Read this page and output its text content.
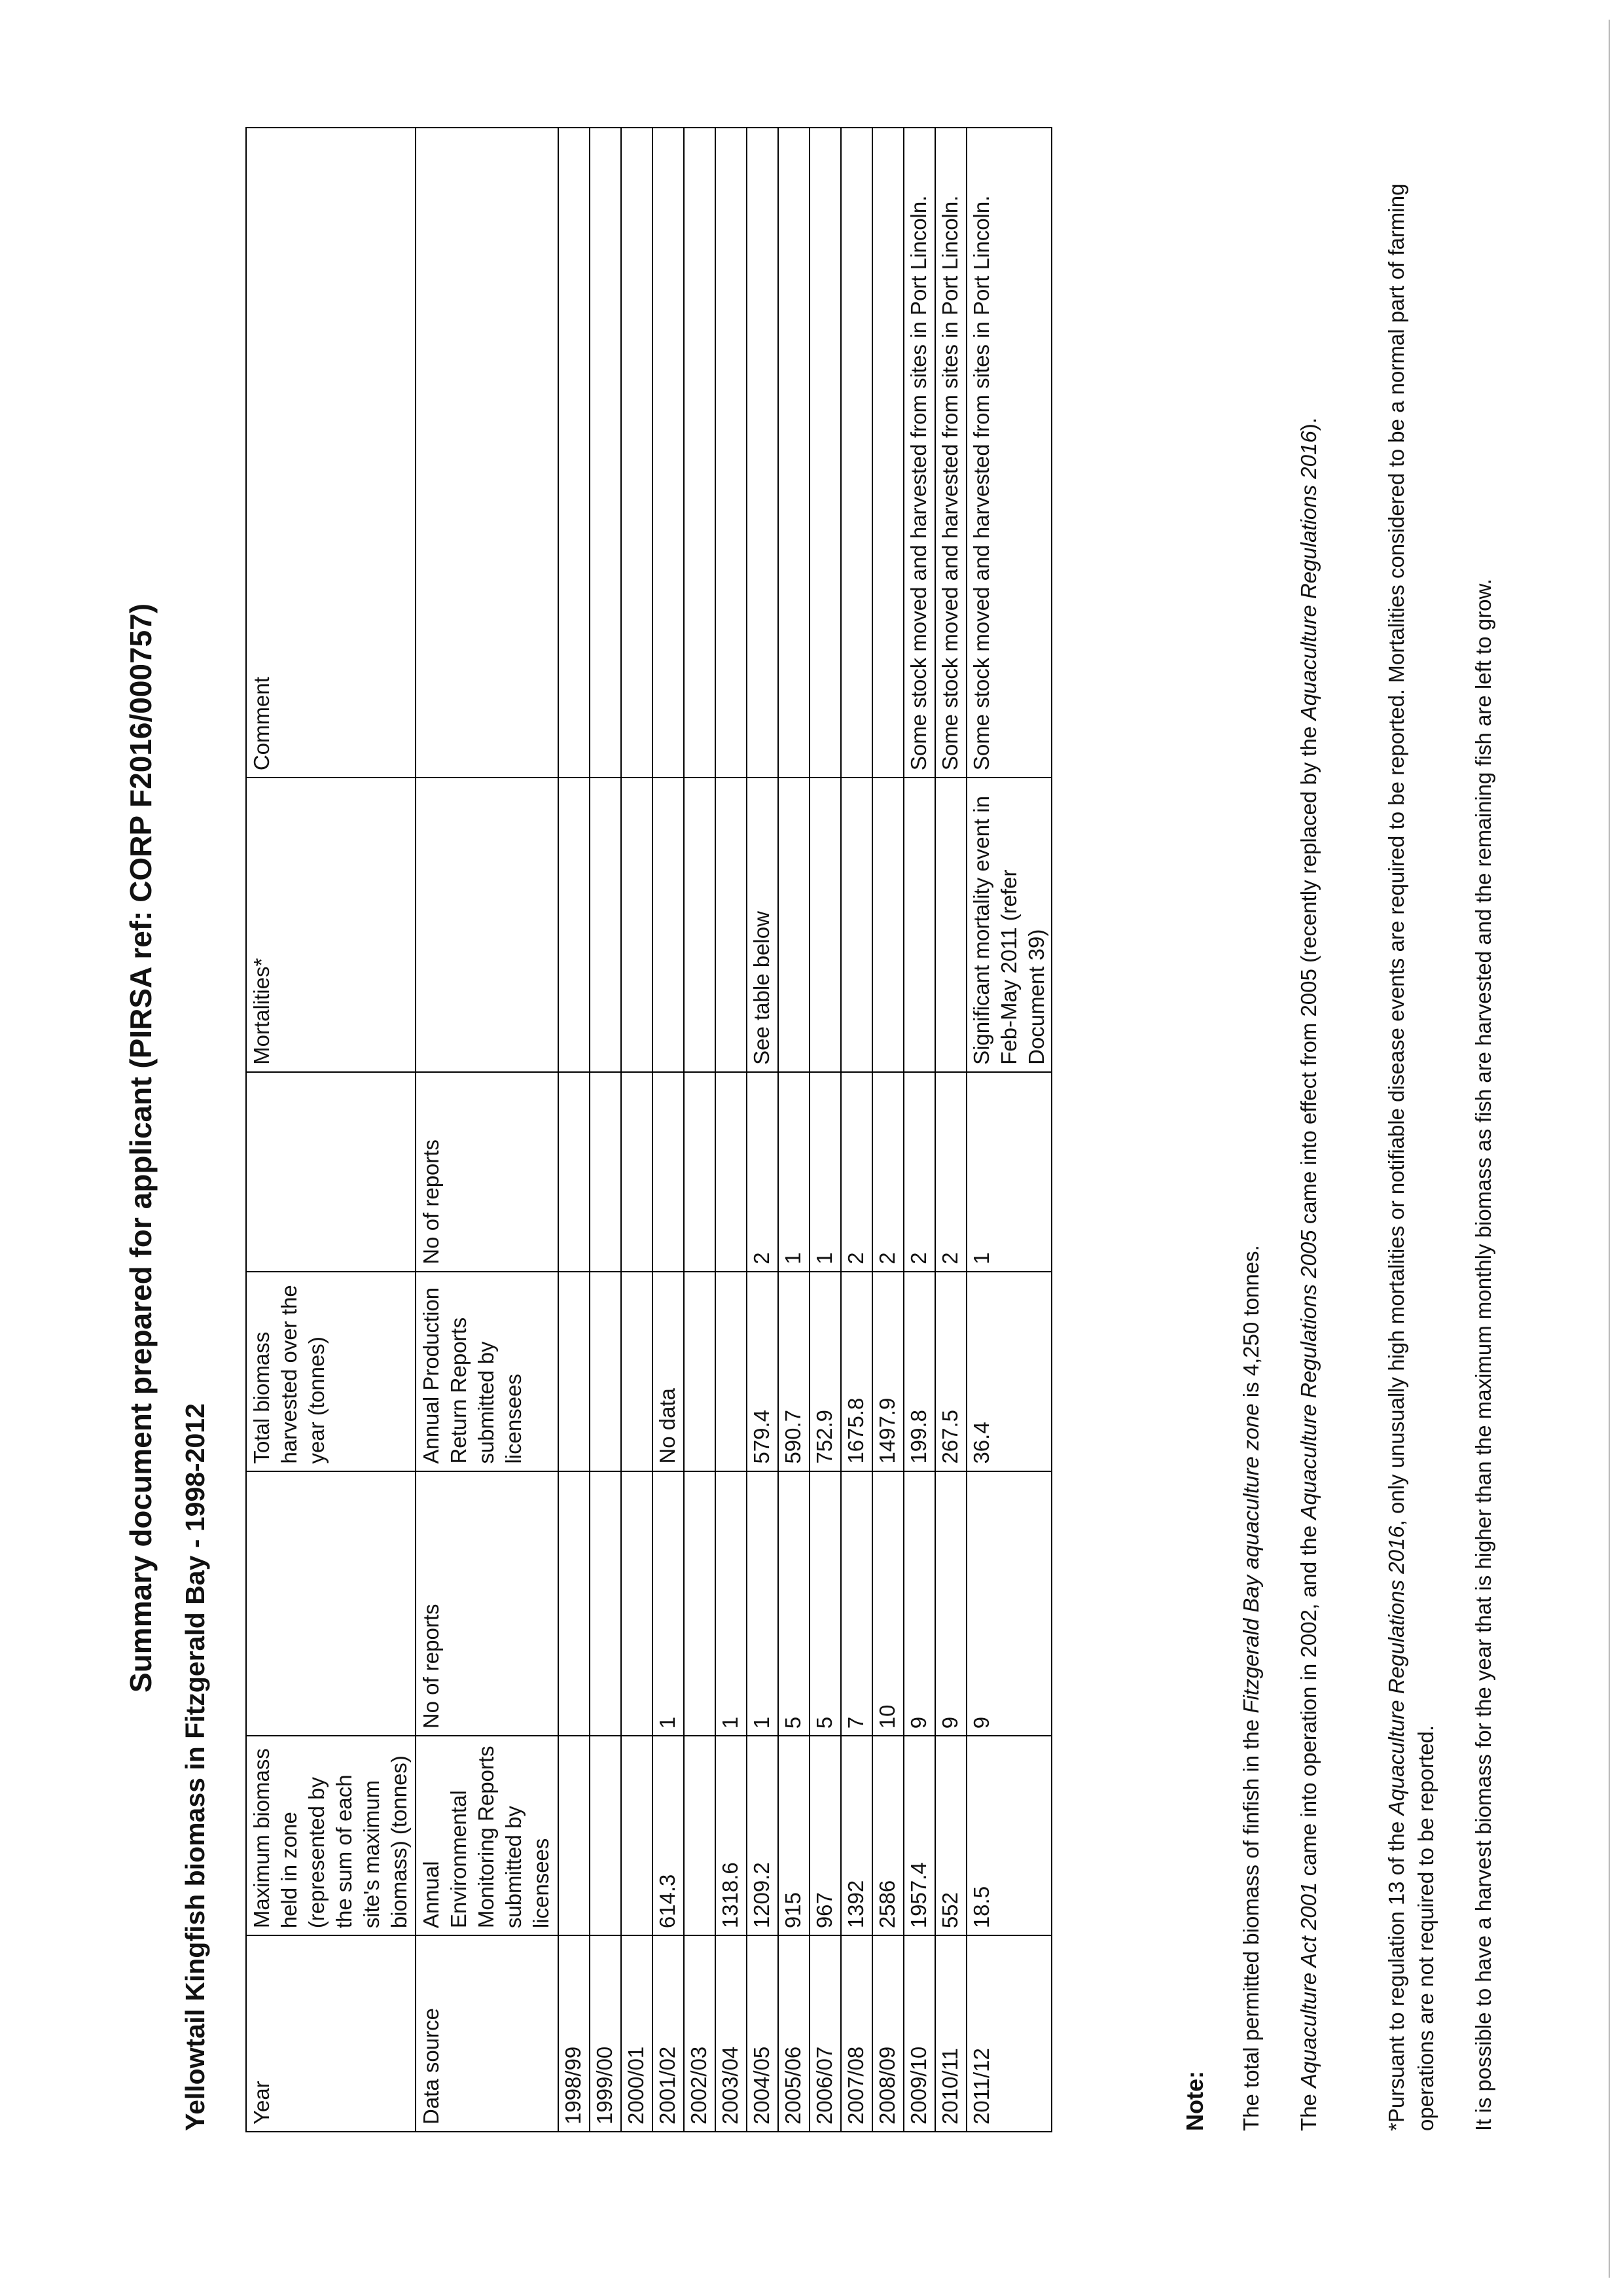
Summary document prepared for applicant (PIRSA ref: CORP F2016/000757)
Yellowtail Kingfish biomass in Fitzgerald Bay - 1998-2012 Year	Maximum biomass held in zone (represented by the sum of each site's maximum biomass) (tonnes)		Total biomass harvested over the year (tonnes)		Mortalities*	Comment
Data source	Annual Environmental Monitoring Reports submitted by licensees	No of reports	Annual Production Return Reports submitted by licensees	No of reports		
1998/99						
1999/00						
2000/01						
2001/02	614.3	1	No data			
2002/03						
2003/04	1318.6	1				
2004/05	1209.2	1	579.4	2	See table below	
2005/06	915	5	590.7	1		
2006/07	967	5	752.9	1		
2007/08	1392	7	1675.8	2		
2008/09	2586	10	1497.9	2		
2009/10	1957.4	9	199.8	2		Some stock moved and harvested from sites in Port Lincoln.
2010/11	552	9	267.5	2		Some stock moved and harvested from sites in Port Lincoln.
2011/12	18.5	9	36.4	1	Significant mortality event in Feb-May 2011 (refer Document 39)	Some stock moved and harvested from sites in Port Lincoln.
Note: The total permitted biomass of finfish in the Fitzgerald Bay aquaculture zone is 4,250 tonnes.
The Aquaculture Act 2001 came into operation in 2002, and the Aquaculture Regulations 2005 came into effect from 2005 (recently replaced by the Aquaculture Regulations 2016).
*Pursuant to regulation 13 of the Aquaculture Regulations 2016, only unusually high mortalities or notifiable disease events are required to be reported. Mortalities considered to be a normal part of farming operations are not required to be reported. It is possible to have a harvest biomass for the year that is higher than the maximum monthly biomass as fish are harvested and the remaining fish are left to grow.
